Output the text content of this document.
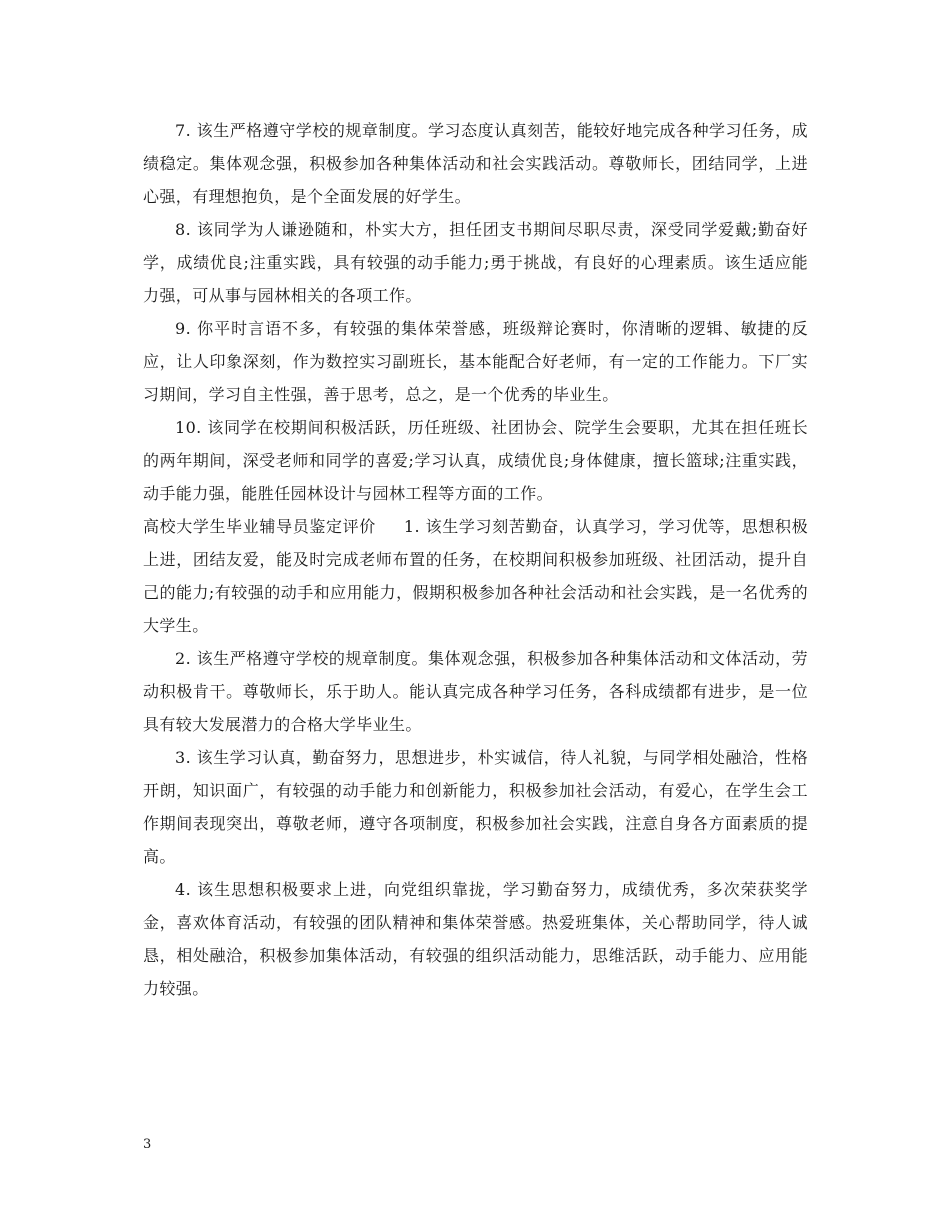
7. 该生严格遵守学校的规章制度。学习态度认真刻苦，能较好地完成各种学习任务，成绩稳定。集体观念强，积极参加各种集体活动和社会实践活动。尊敬师长，团结同学，上进心强，有理想抱负，是个全面发展的好学生。

8. 该同学为人谦逊随和，朴实大方，担任团支书期间尽职尽责，深受同学爱戴;勤奋好学，成绩优良;注重实践，具有较强的动手能力;勇于挑战，有良好的心理素质。该生适应能力强，可从事与园林相关的各项工作。

9. 你平时言语不多，有较强的集体荣誉感，班级辩论赛时，你清晰的逻辑、敏捷的反应，让人印象深刻，作为数控实习副班长，基本能配合好老师，有一定的工作能力。下厂实习期间，学习自主性强，善于思考，总之，是一个优秀的毕业生。

10. 该同学在校期间积极活跃，历任班级、社团协会、院学生会要职，尤其在担任班长的两年期间，深受老师和同学的喜爱;学习认真，成绩优良;身体健康，擅长篮球;注重实践，动手能力强，能胜任园林设计与园林工程等方面的工作。

高校大学生毕业辅导员鉴定评价 1. 该生学习刻苦勤奋，认真学习，学习优等，思想积极上进，团结友爱，能及时完成老师布置的任务，在校期间积极参加班级、社团活动，提升自己的能力;有较强的动手和应用能力，假期积极参加各种社会活动和社会实践，是一名优秀的大学生。

2. 该生严格遵守学校的规章制度。集体观念强，积极参加各种集体活动和文体活动，劳动积极肯干。尊敬师长，乐于助人。能认真完成各种学习任务，各科成绩都有进步，是一位具有较大发展潜力的合格大学毕业生。

3. 该生学习认真，勤奋努力，思想进步，朴实诚信，待人礼貌，与同学相处融洽，性格开朗，知识面广，有较强的动手能力和创新能力，积极参加社会活动，有爱心，在学生会工作期间表现突出，尊敬老师，遵守各项制度，积极参加社会实践，注意自身各方面素质的提高。

4. 该生思想积极要求上进，向党组织靠拢，学习勤奋努力，成绩优秀，多次荣获奖学金，喜欢体育活动，有较强的团队精神和集体荣誉感。热爱班集体，关心帮助同学，待人诚恳，相处融洽，积极参加集体活动，有较强的组织活动能力，思维活跃，动手能力、应用能力较强。

3
